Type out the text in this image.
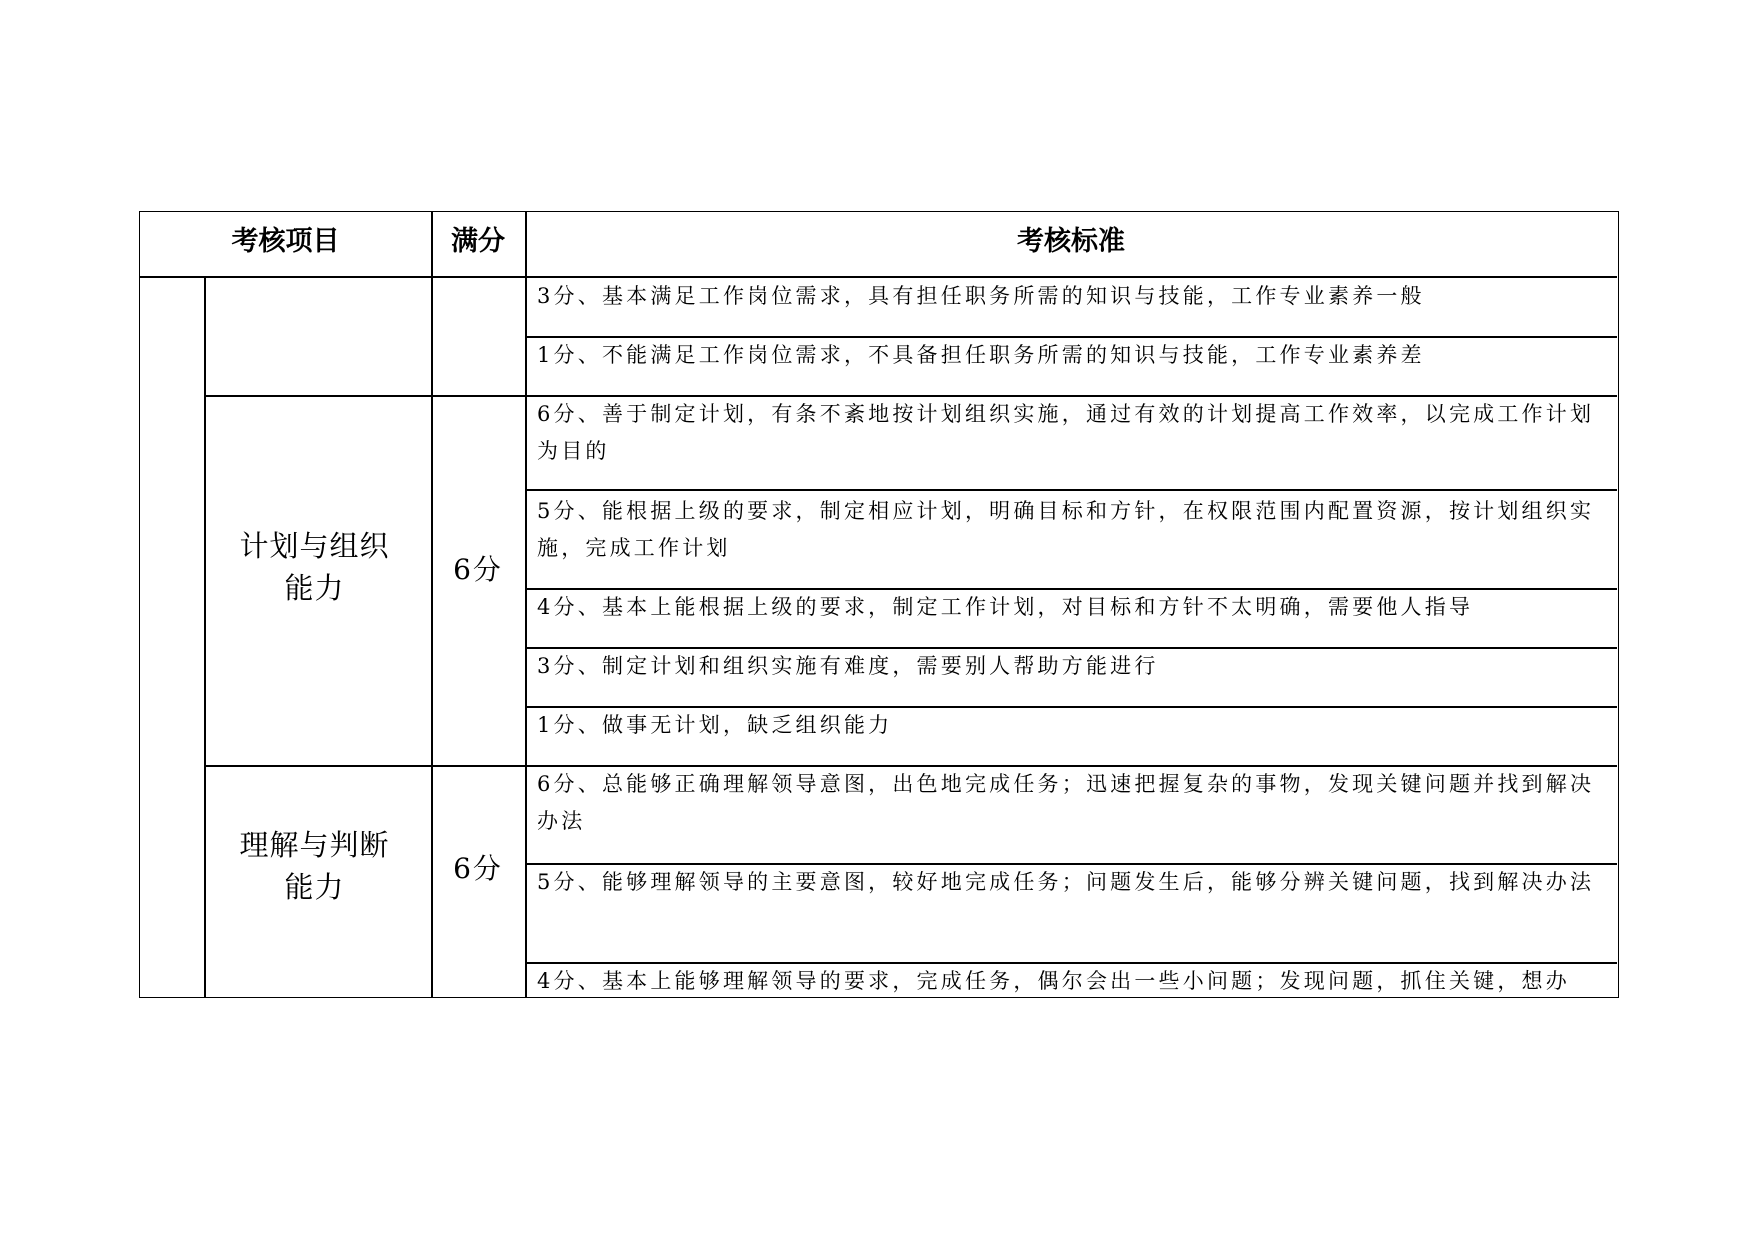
考核项目	满分	考核标准
3分、基本满足工作岗位需求，具有担任职务所需的知识与技能，工作专业素养一般
1分、不能满足工作岗位需求，不具备担任职务所需的知识与技能，工作专业素养差
计划与组织能力
6分
6分、善于制定计划，有条不紊地按计划组织实施，通过有效的计划提高工作效率，以完成工作计划为目的
5分、能根据上级的要求，制定相应计划，明确目标和方针，在权限范围内配置资源，按计划组织实施，完成工作计划
4分、基本上能根据上级的要求，制定工作计划，对目标和方针不太明确，需要他人指导
3分、制定计划和组织实施有难度，需要别人帮助方能进行
1分、做事无计划，缺乏组织能力
理解与判断能力
6分
6分、总能够正确理解领导意图，出色地完成任务；迅速把握复杂的事物，发现关键问题并找到解决办法
5分、能够理解领导的主要意图，较好地完成任务；问题发生后，能够分辨关键问题，找到解决办法
4分、基本上能够理解领导的要求，完成任务，偶尔会出一些小问题；发现问题，抓住关键，想办
